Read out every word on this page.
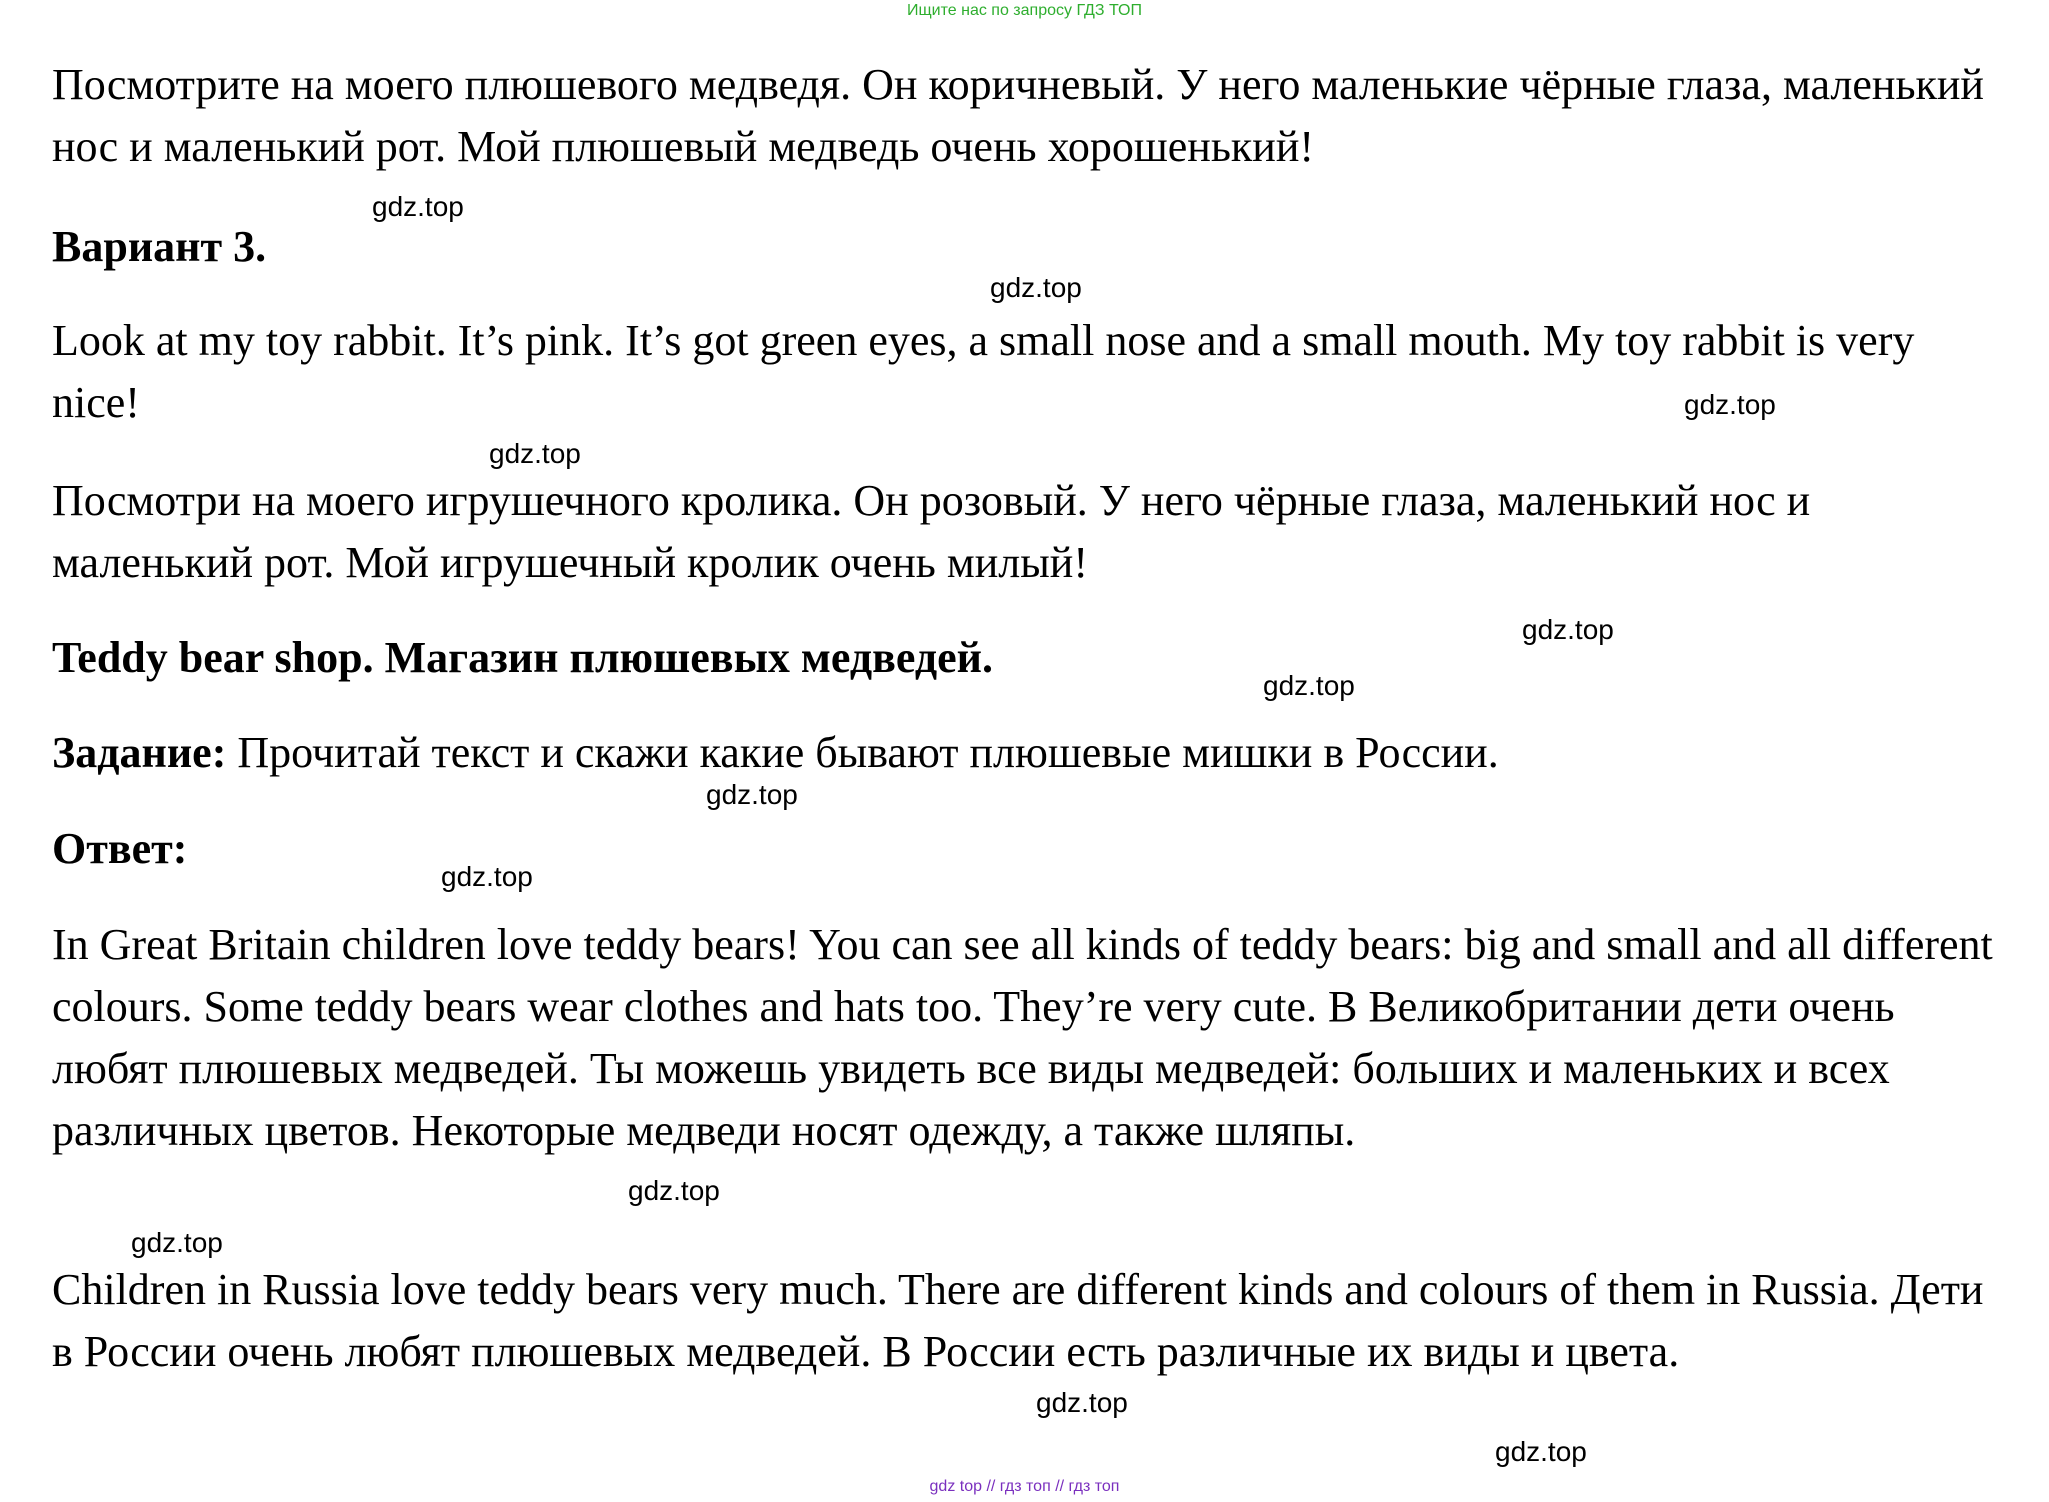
Ищите нас по запросу ГДЗ ТОП

Посмотрите на моего плюшевого медведя. Он коричневый. У него маленькие чёрные глаза, маленький нос и маленький рот. Мой плюшевый медведь очень хорошенький!

Вариант 3.

Look at my toy rabbit. It’s pink. It’s got green eyes, a small nose and a small mouth. My toy rabbit is very nice!

Посмотри на моего игрушечного кролика. Он розовый. У него чёрные глаза, маленький нос и маленький рот. Мой игрушечный кролик очень милый!

Teddy bear shop. Магазин плюшевых медведей.
Задание: Прочитай текст и скажи какие бывают плюшевые мишки в России.
Ответ:

In Great Britain children love teddy bears! You can see all kinds of teddy bears: big and small and all different colours. Some teddy bears wear clothes and hats too. They’re very cute. В Великобритании дети очень любят плюшевых медведей. Ты можешь увидеть все виды медведей: больших и маленьких и всех различных цветов. Некоторые медведи носят одежду, а также шляпы.

Children in Russia love teddy bears very much. There are different kinds and colours of them in Russia. Дети в России очень любят плюшевых медведей. В России есть различные их виды и цвета.

gdz.top
gdz.top
gdz.top
gdz.top
gdz.top
gdz.top
gdz.top
gdz.top
gdz.top
gdz.top
gdz.top
gdz.top
gdz top // гдз топ // гдз топ
